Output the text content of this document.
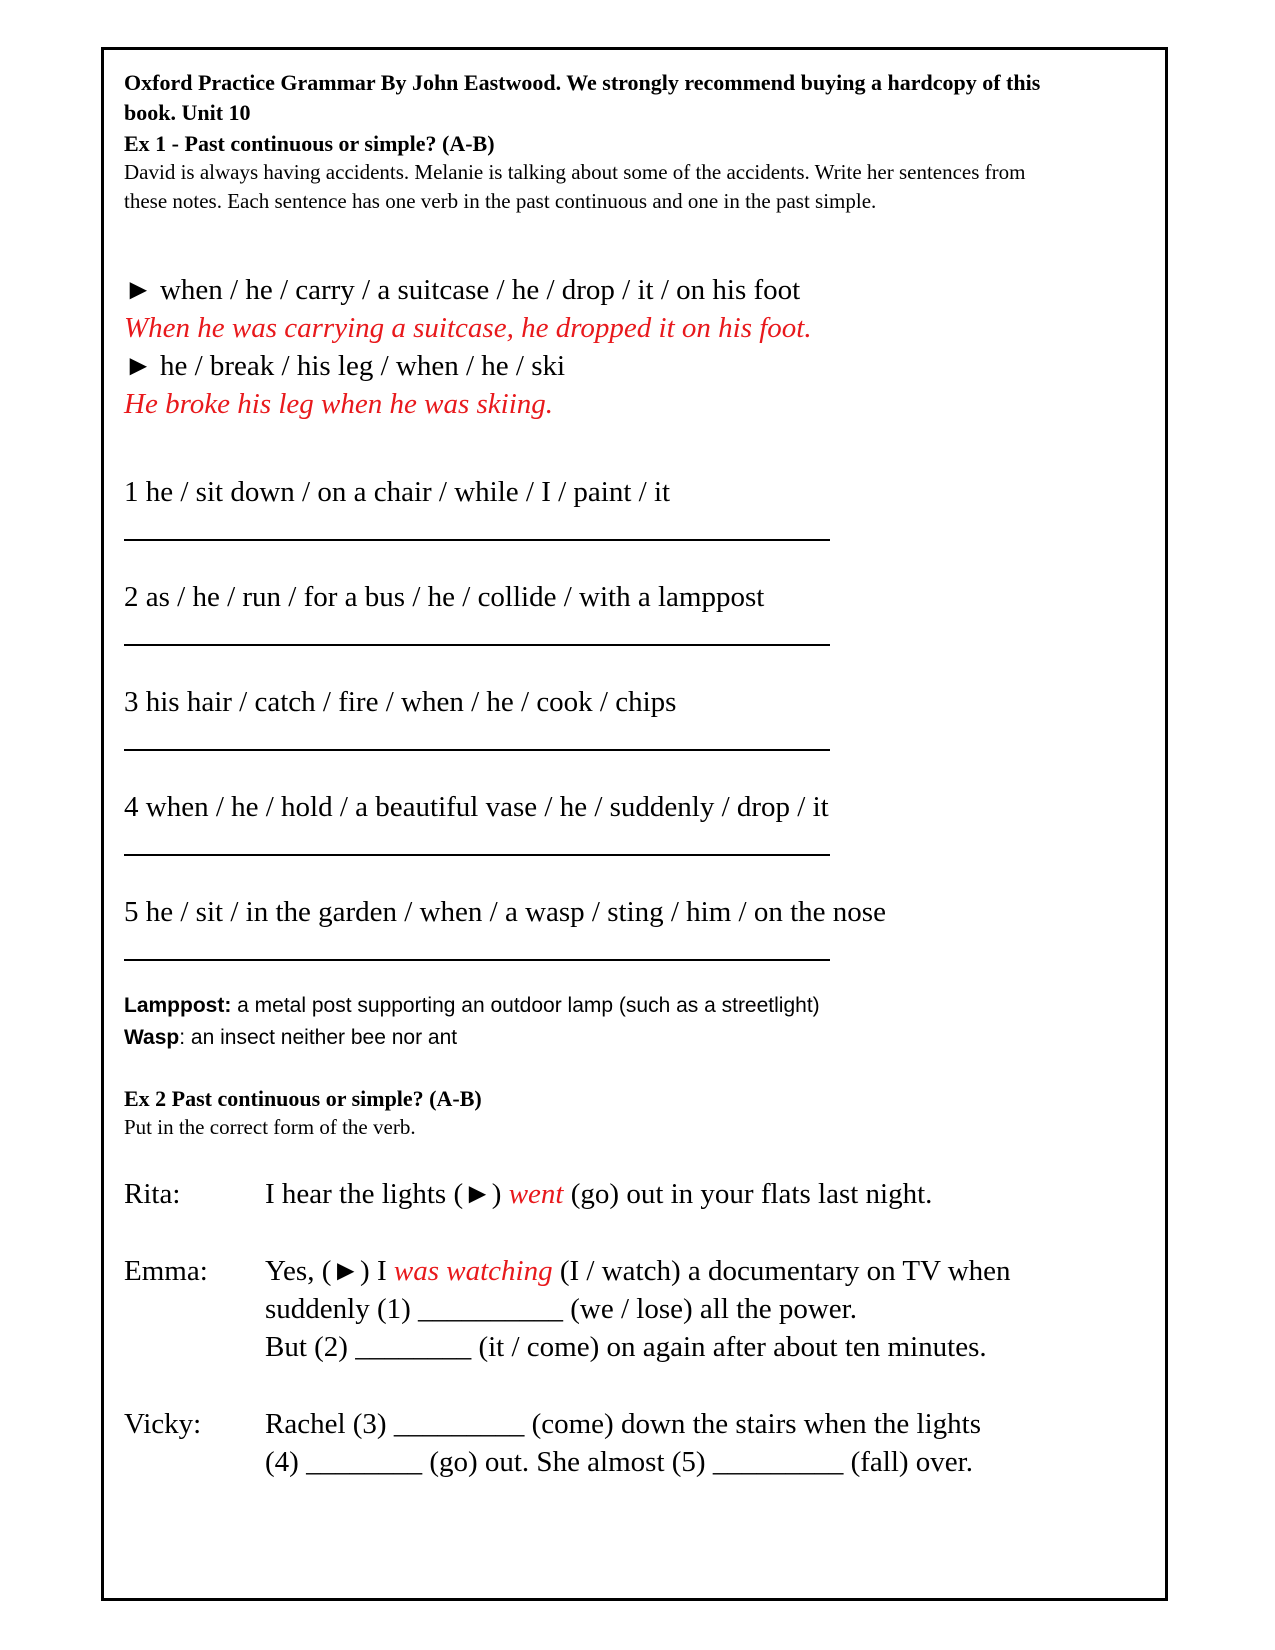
Oxford Practice Grammar By John Eastwood. We strongly recommend buying a hardcopy of this
book. Unit 10
Ex 1 - Past continuous or simple? (A-B)
David is always having accidents. Melanie is talking about some of the accidents. Write her sentences from
these notes. Each sentence has one verb in the past continuous and one in the past simple.
► when / he / carry / a suitcase / he / drop / it / on his foot
When he was carrying a suitcase, he dropped it on his foot.
► he / break / his leg / when / he / ski
He broke his leg when he was skiing.
1 he / sit down / on a chair / while / I / paint / it
2 as / he / run / for a bus / he / collide / with a lamppost
3 his hair / catch / fire / when / he / cook / chips
4 when / he / hold / a beautiful vase / he / suddenly / drop / it
5 he / sit / in the garden / when / a wasp / sting / him / on the nose
Lamppost: a metal post supporting an outdoor lamp (such as a streetlight)
Wasp: an insect neither bee nor ant
Ex 2 Past continuous or simple? (A-B)
Put in the correct form of the verb.
Rita:	I hear the lights (►) went (go) out in your flats last night.
Emma: Yes, (►) I was watching (I / watch) a documentary on TV when
suddenly (1) __________ (we / lose) all the power.
But (2) ________ (it / come) on again after about ten minutes.
Vicky: Rachel (3) _________ (come) down the stairs when the lights
(4) ________ (go) out. She almost (5) _________ (fall) over.
